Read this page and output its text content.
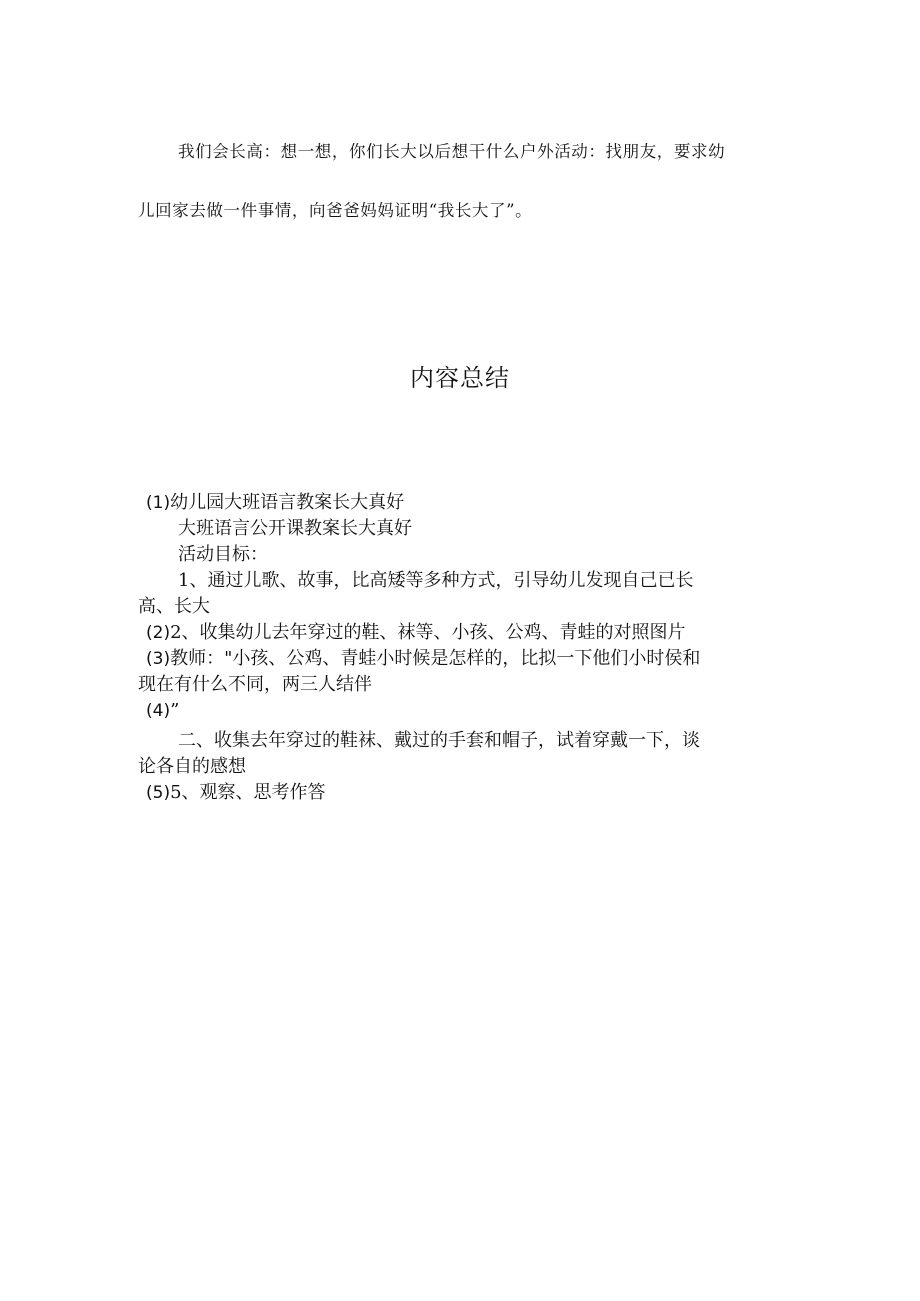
我们会长高：想一想，你们长大以后想干什么户外活动：找朋友，要求幼
儿回家去做一件事情，向爸爸妈妈证明“我长大了”。
内容总结
(1)幼儿园大班语言教案长大真好
大班语言公开课教案长大真好
活动目标：
1、通过儿歌、故事，比高矮等多种方式，引导幼儿发现自己已长
高、长大
(2)2、收集幼儿去年穿过的鞋、袜等、小孩、公鸡、青蛙的对照图片
(3)教师："小孩、公鸡、青蛙小时候是怎样的，比拟一下他们小时侯和
现在有什么不同，两三人结伴
(4)”
二、收集去年穿过的鞋袜、戴过的手套和帽子，试着穿戴一下，谈
论各自的感想
(5)5、观察、思考作答
